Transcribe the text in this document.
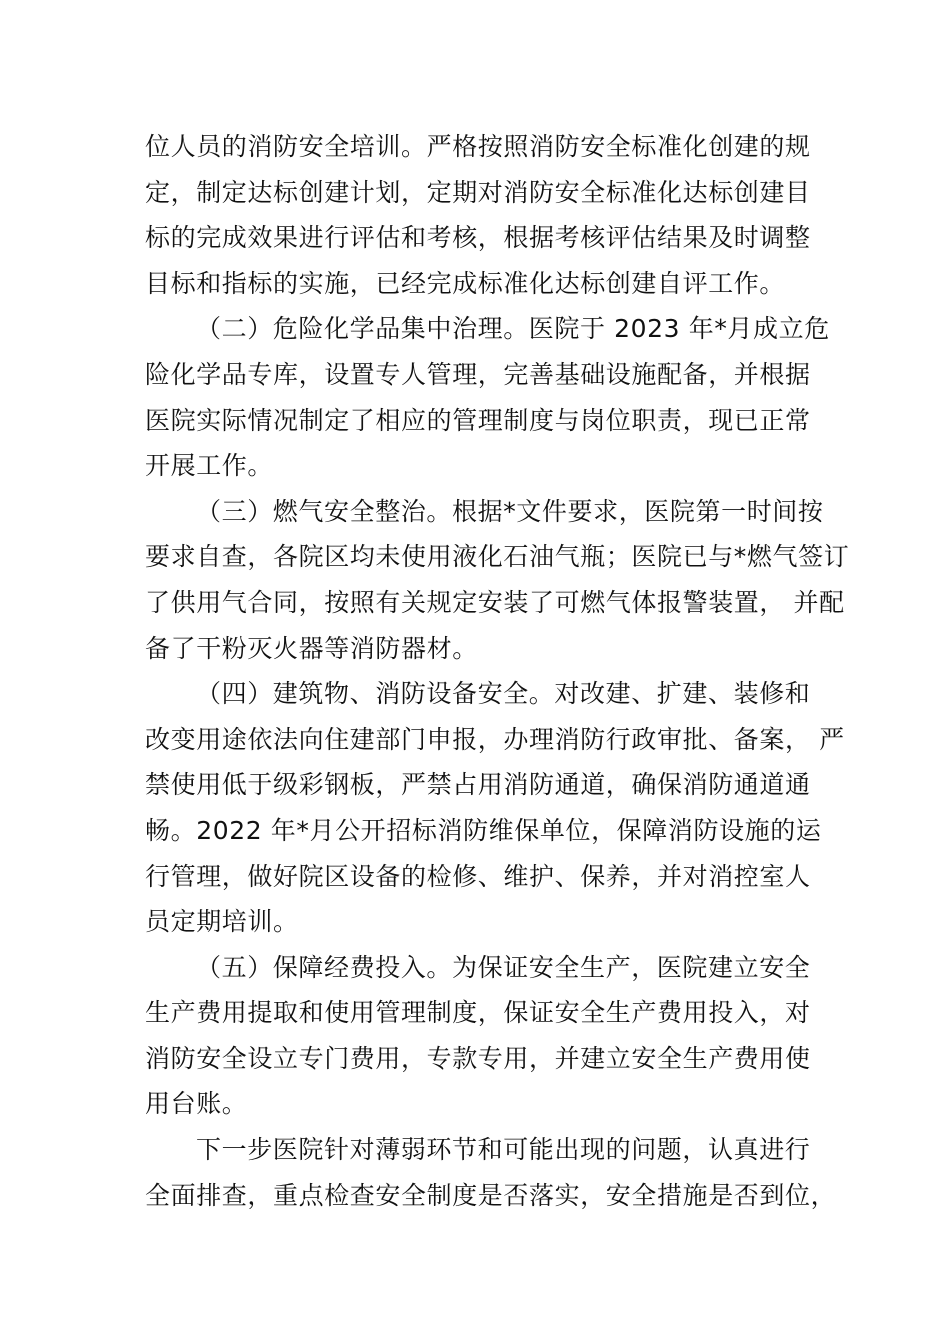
位人员的消防安全培训。严格按照消防安全标准化创建的规
定，制定达标创建计划，定期对消防安全标准化达标创建目
标的完成效果进行评估和考核，根据考核评估结果及时调整
目标和指标的实施，已经完成标准化达标创建自评工作。
（二）危险化学品集中治理。医院于 2023 年*月成立危
险化学品专库，设置专人管理，完善基础设施配备，并根据
医院实际情况制定了相应的管理制度与岗位职责，现已正常
开展工作。
（三）燃气安全整治。根据*文件要求，医院第一时间按
要求自查，各院区均未使用液化石油气瓶；医院已与*燃气签订
了供用气合同，按照有关规定安装了可燃气体报警装置， 并配
备了干粉灭火器等消防器材。
（四）建筑物、消防设备安全。对改建、扩建、装修和
改变用途依法向住建部门申报，办理消防行政审批、备案， 严
禁使用低于级彩钢板，严禁占用消防通道，确保消防通道通
畅。2022 年*月公开招标消防维保单位，保障消防设施的运
行管理，做好院区设备的检修、维护、保养，并对消控室人
员定期培训。
（五）保障经费投入。为保证安全生产，医院建立安全
生产费用提取和使用管理制度，保证安全生产费用投入，对
消防安全设立专门费用，专款专用，并建立安全生产费用使
用台账。
下一步医院针对薄弱环节和可能出现的问题，认真进行
全面排查，重点检查安全制度是否落实，安全措施是否到位，
